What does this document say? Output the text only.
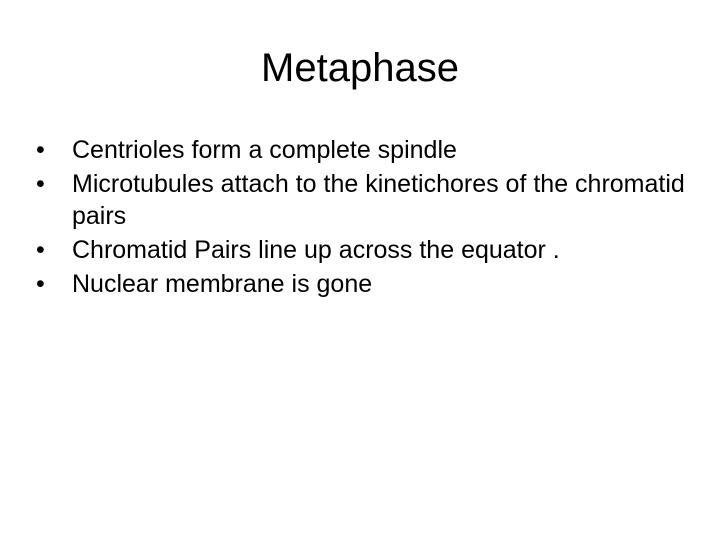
Metaphase
•	Centrioles form a complete spindle
•	Microtubules attach to the kinetichores of the chromatid pairs
•	Chromatid Pairs line up across the equator .
•	Nuclear membrane is gone
